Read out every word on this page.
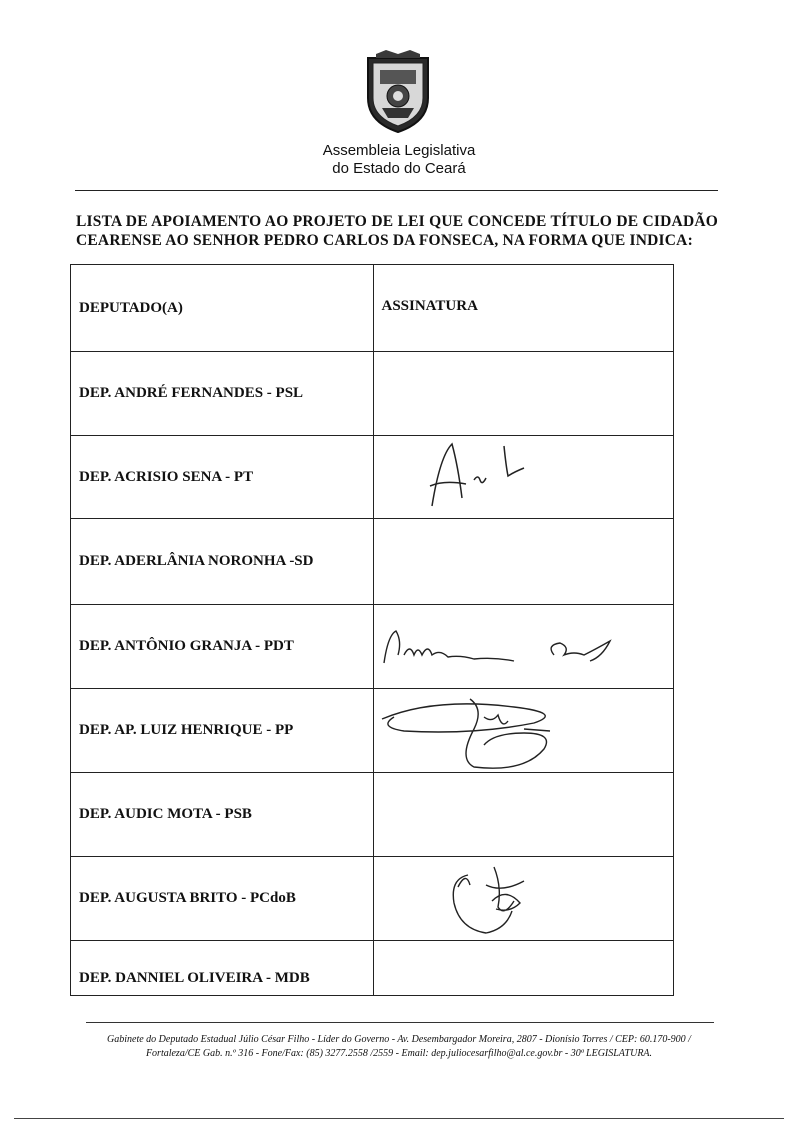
Assembleia Legislativa
do Estado do Ceará
LISTA DE APOIAMENTO AO PROJETO DE LEI QUE CONCEDE TÍTULO DE CIDADÃO CEARENSE AO SENHOR PEDRO CARLOS DA FONSECA, NA FORMA QUE INDICA:
DEPUTADO(A)	ASSINATURA
DEP. ANDRÉ FERNANDES - PSL	
DEP. ACRISIO SENA - PT	

DEP. ADERLÂNIA NORONHA -SD	
DEP. ANTÔNIO GRANJA - PDT	

DEP. AP. LUIZ HENRIQUE - PP	

DEP. AUDIC MOTA - PSB	
DEP. AUGUSTA BRITO - PCdoB	

DEP. DANNIEL OLIVEIRA - MDB	
Gabinete do Deputado Estadual Júlio César Filho - Líder do Governo - Av. Desembargador Moreira, 2807 - Dionísio Torres / CEP: 60.170-900 /
Fortaleza/CE Gab. n.º 316 - Fone/Fax: (85) 3277.2558 /2559 - Email: dep.juliocesarfilho@al.ce.gov.br - 30ª LEGISLATURA.
